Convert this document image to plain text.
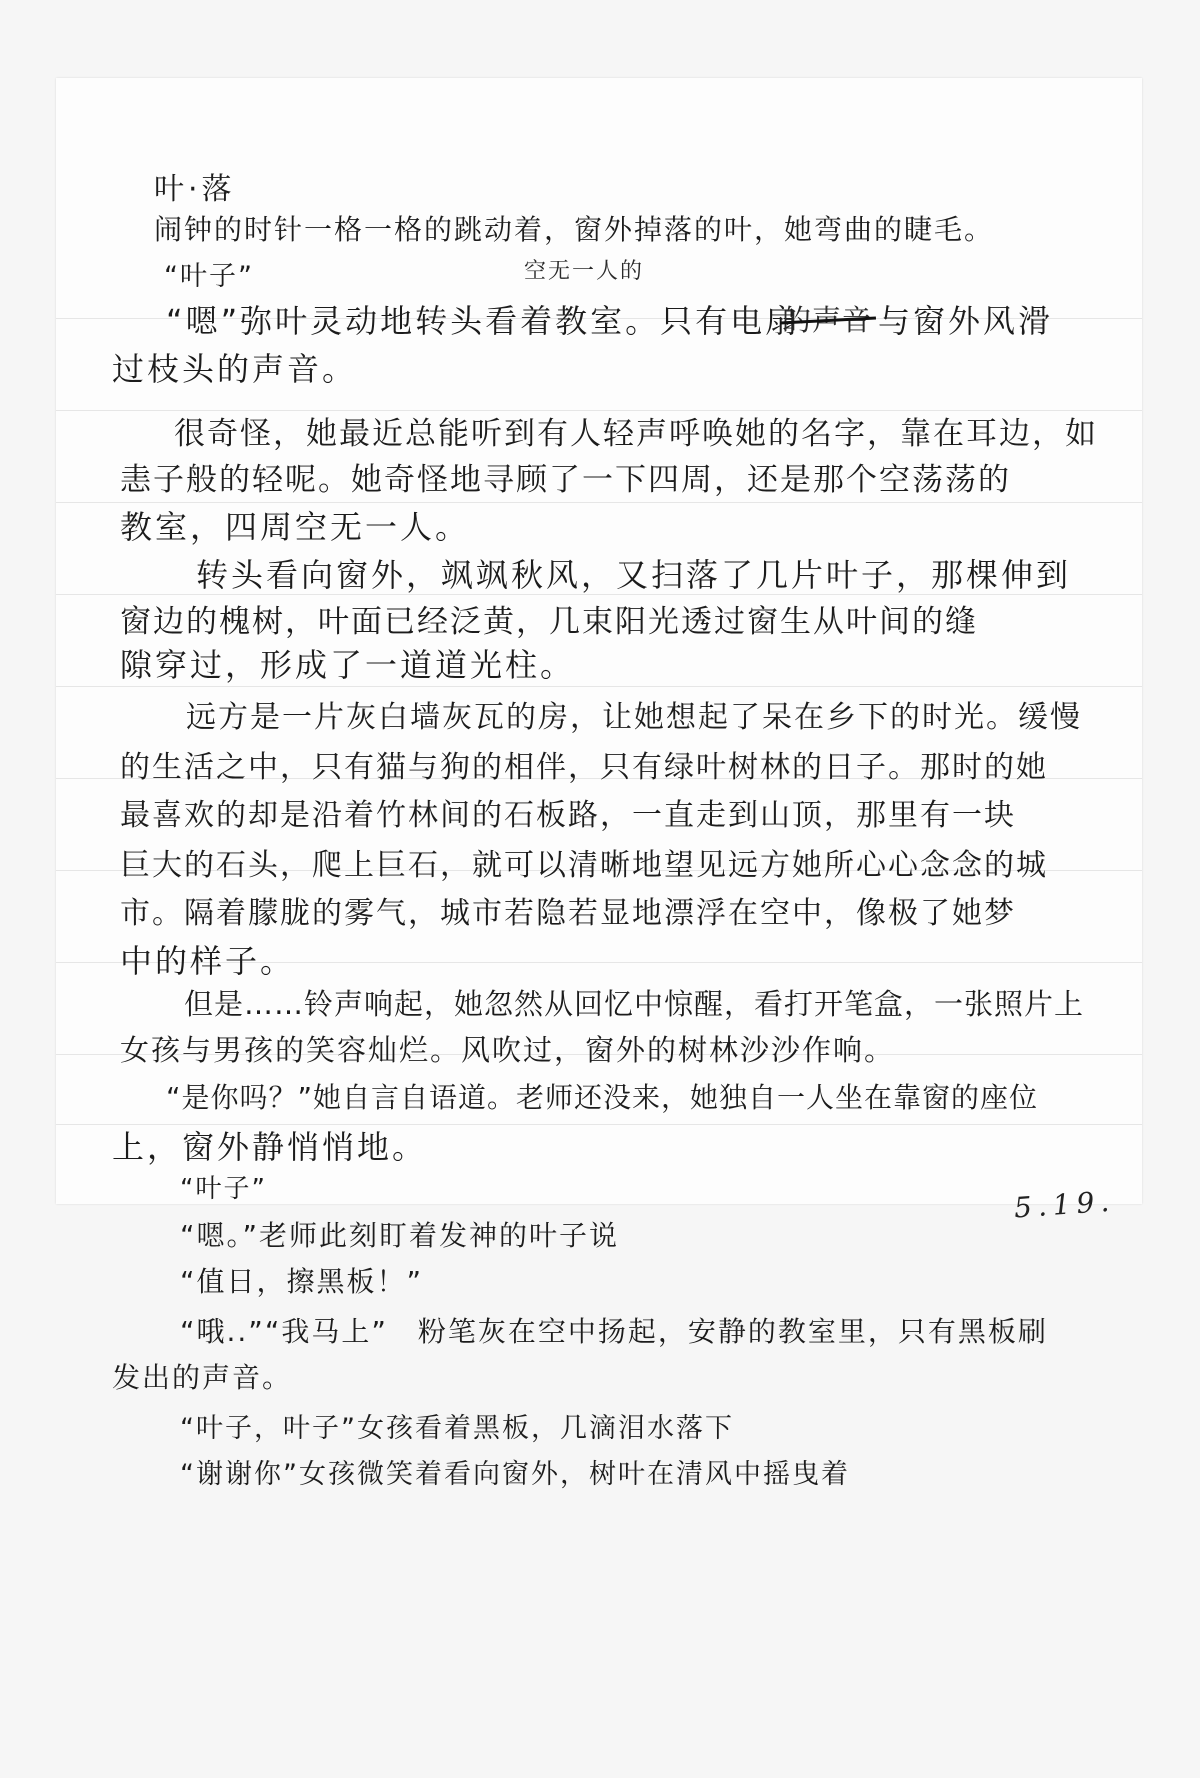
叶·落
闹钟的时针一格一格的跳动着，窗外掉落的叶，她弯曲的睫毛。
“叶子”	空无一人的
“嗯”弥叶灵动地转头看着教室。只有电扇
的声音 与窗外风滑
过枝头的声音。
很奇怪，她最近总能听到有人轻声呼唤她的名字，靠在耳边，如
恚子般的轻呢。她奇怪地寻顾了一下四周，还是那个空荡荡的
教室，四周空无一人。
转头看向窗外，飒飒秋风，又扫落了几片叶子，那棵伸到
窗边的槐树，叶面已经泛黄，几束阳光透过窗生从叶间的缝
隙穿过，形成了一道道光柱。
远方是一片灰白墙灰瓦的房，让她想起了呆在乡下的时光。缓慢
的生活之中，只有猫与狗的相伴，只有绿叶树林的日子。那时的她
最喜欢的却是沿着竹林间的石板路，一直走到山顶，那里有一块
巨大的石头，爬上巨石，就可以清晰地望见远方她所心心念念的城
市。隔着朦胧的雾气，城市若隐若显地漂浮在空中，像极了她梦
中的样子。
但是……铃声响起，她忽然从回忆中惊醒，看打开笔盒，一张照片上
女孩与男孩的笑容灿烂。风吹过，窗外的树林沙沙作响。
“是你吗？”她自言自语道。老师还没来，她独自一人坐在靠窗的座位
上，窗外静悄悄地。
5.19.
“叶子”
“嗯。”老师此刻盯着发神的叶子说
“值日，擦黑板！”
“哦..”“我马上”　粉笔灰在空中扬起，安静的教室里，只有黑板刷
发出的声音。
“叶子，叶子”女孩看着黑板，几滴泪水落下
“谢谢你”女孩微笑着看向窗外，树叶在清风中摇曳着
